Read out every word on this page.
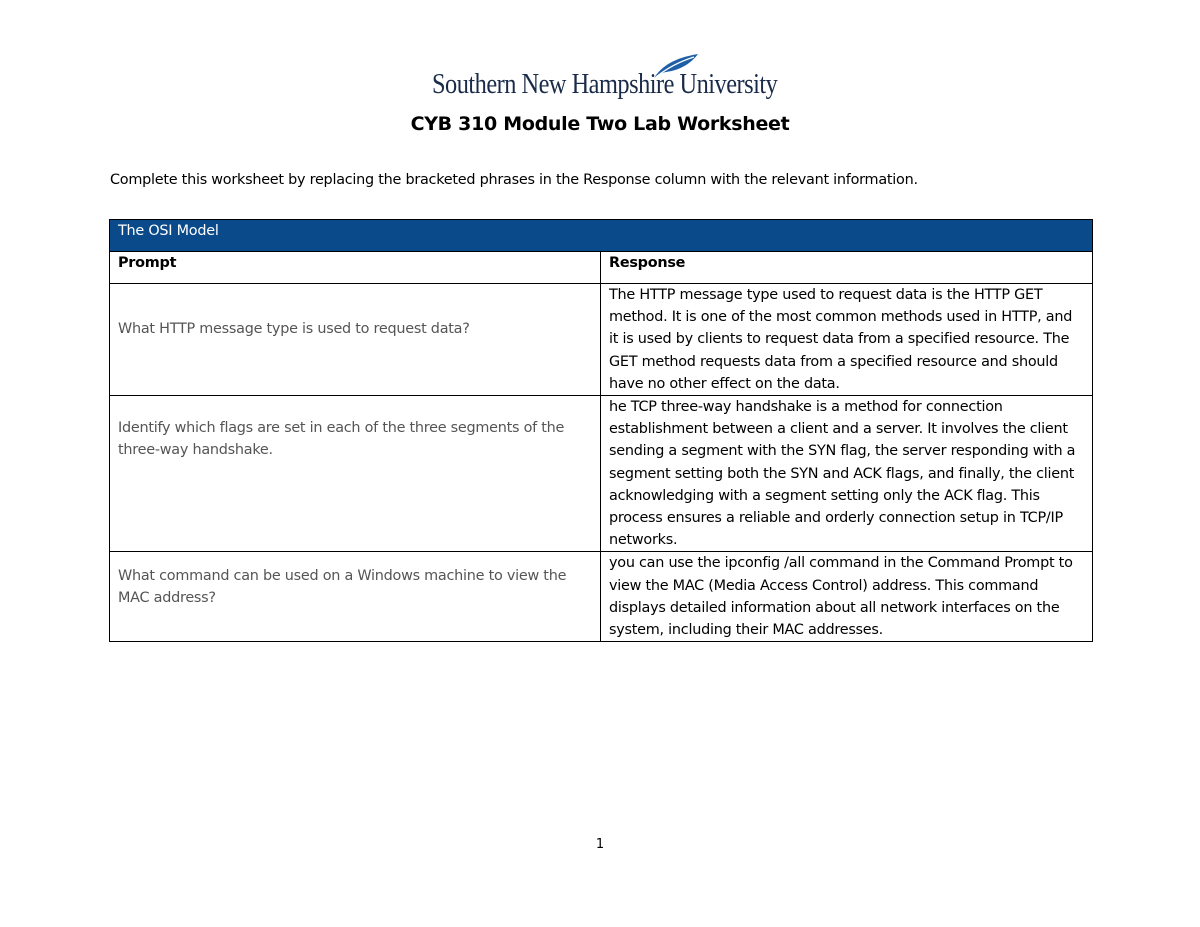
Southern New Hampshire University
CYB 310 Module Two Lab Worksheet
Complete this worksheet by replacing the bracketed phrases in the Response column with the relevant information.
The OSI Model	
Prompt	Response

What HTTP message type is used to request data?	The HTTP message type used to request data is the HTTP GET method. It is one of the most common methods used in HTTP, and it is used by clients to request data from a specified resource. The GET method requests data from a specified resource and should have no other effect on the data.

Identify which flags are set in each of the three segments of the three-way handshake.	he TCP three-way handshake is a method for connection establishment between a client and a server. It involves the client sending a segment with the SYN flag, the server responding with a segment setting both the SYN and ACK flags, and finally, the client acknowledging with a segment setting only the ACK flag. This process ensures a reliable and orderly connection setup in TCP/IP networks.

What command can be used on a Windows machine to view the MAC address?	you can use the ipconfig /all command in the Command Prompt to view the MAC (Media Access Control) address. This command displays detailed information about all network interfaces on the system, including their MAC addresses.
1
